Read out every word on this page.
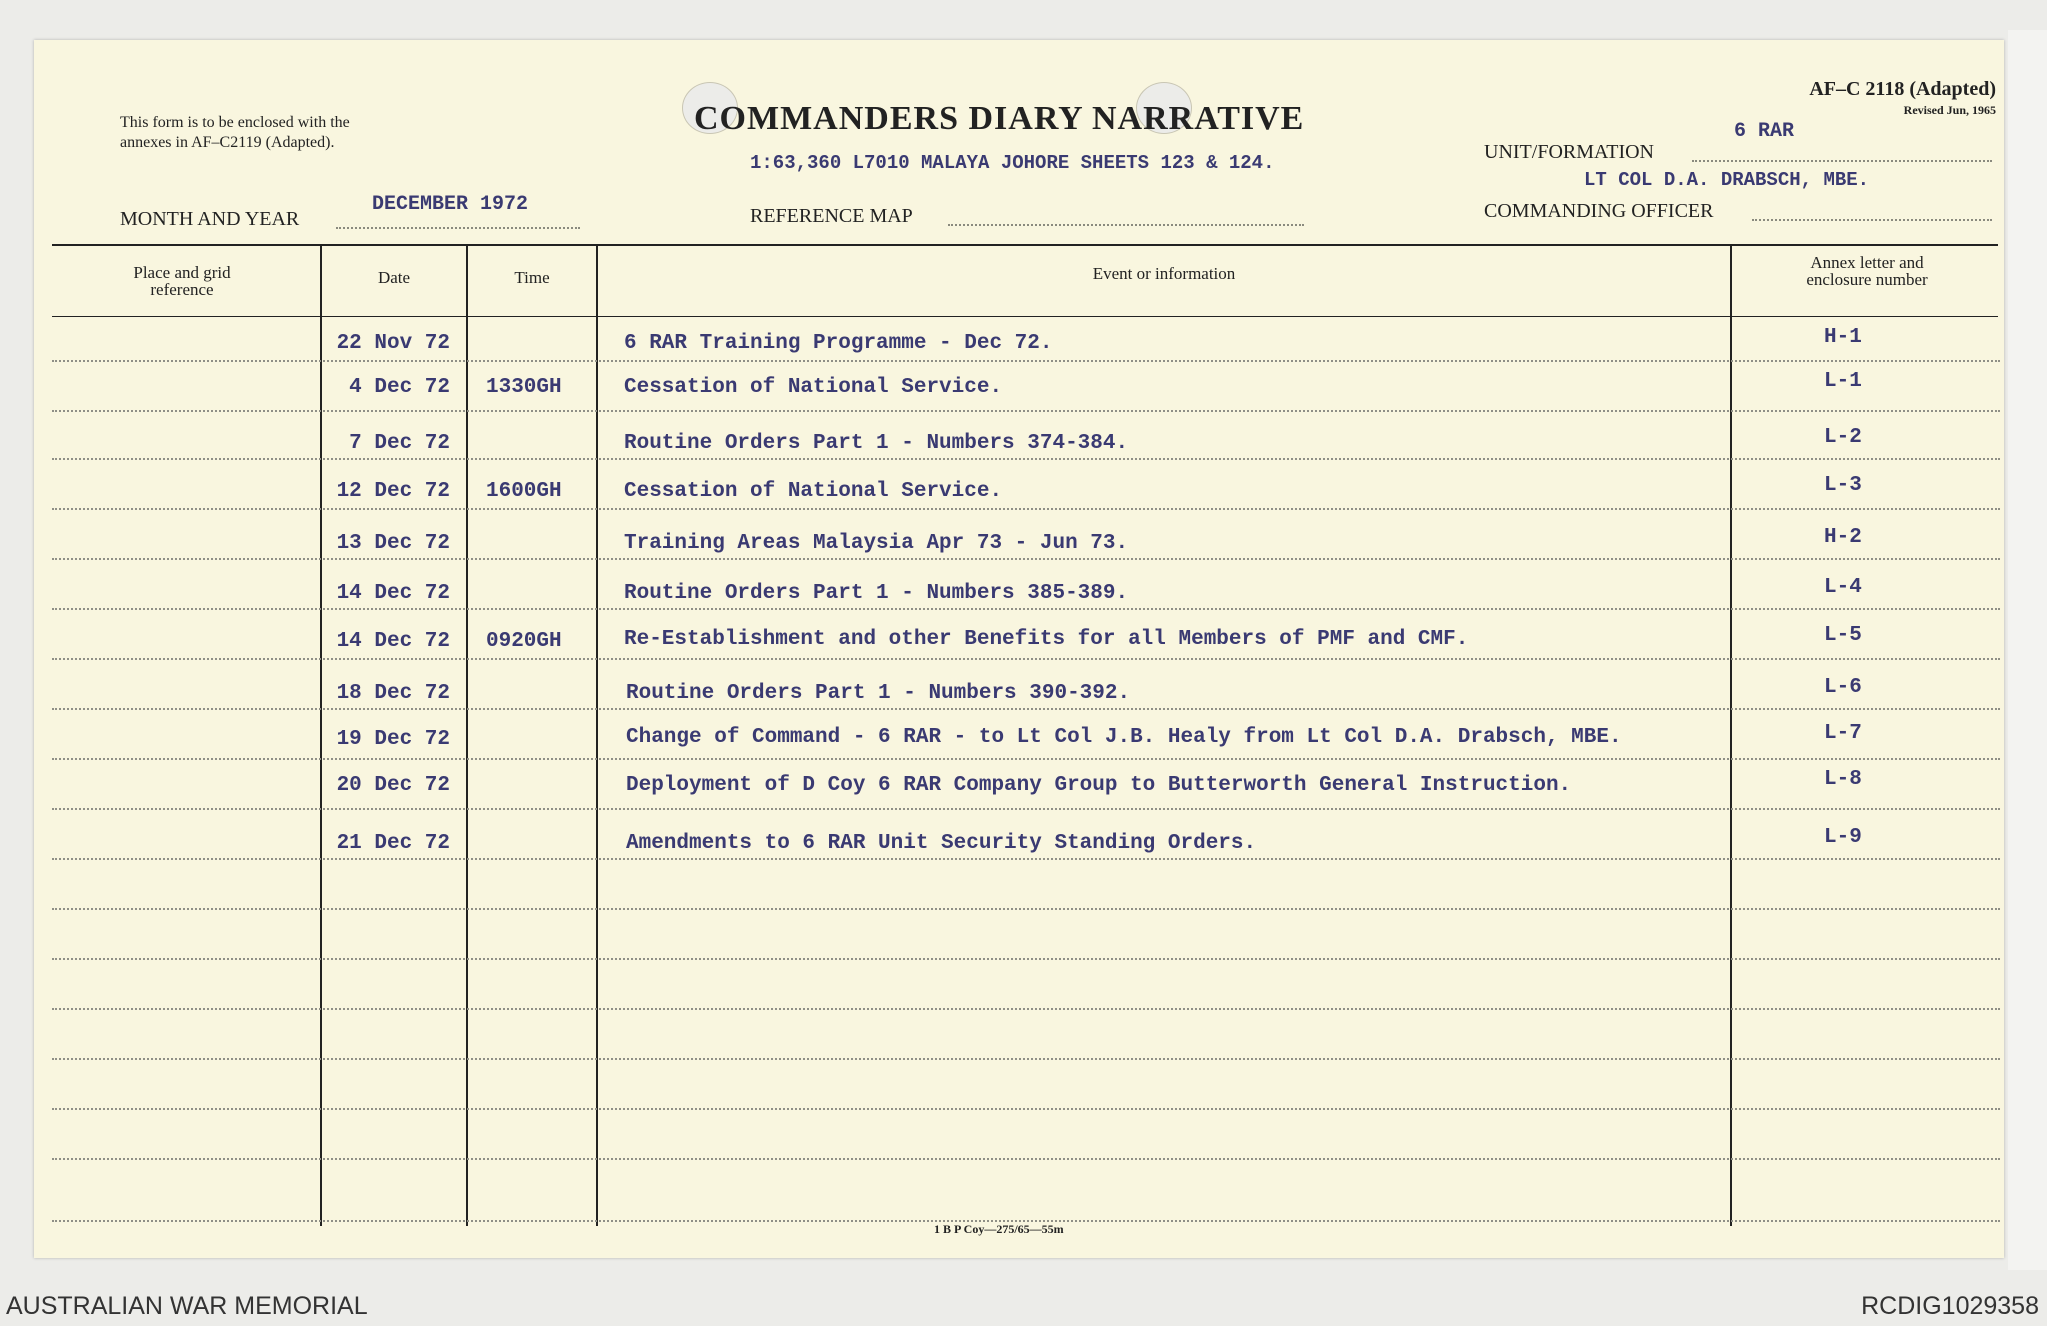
This form is to be enclosed with the
annexes in AF–C2119 (Adapted).
COMMANDERS DIARY NARRATIVE
AF–C 2118 (Adapted)
Revised Jun, 1965
1:63,360 L7010 MALAYA JOHORE SHEETS 123 & 124.
6 RAR
UNIT/FORMATION
LT COL D.A. DRABSCH, MBE.
COMMANDING OFFICER
DECEMBER 1972
MONTH AND YEAR	REFERENCE MAP
Place and grid
reference
Date	Time	Event or information
Annex letter and
enclosure number
22 Nov 72	6 RAR Training Programme - Dec 72.	H-1
4 Dec 72 1330GH	Cessation of National Service.	L-1
7 Dec 72	Routine Orders Part 1 - Numbers 374-384.	L-2
12 Dec 72 1600GH	Cessation of National Service.	L-3
13 Dec 72	Training Areas Malaysia Apr 73 - Jun 73.	H-2
14 Dec 72	Routine Orders Part 1 - Numbers 385-389.	L-4
14 Dec 72 0920GH	Re-Establishment and other Benefits for all Members of PMF and CMF.	L-5
18 Dec 72	Routine Orders Part 1 - Numbers 390-392.	L-6
19 Dec 72	Change of Command - 6 RAR - to Lt Col J.B. Healy from Lt Col D.A. Drabsch, MBE.	L-7
20 Dec 72	Deployment of D Coy 6 RAR Company Group to Butterworth General Instruction.	L-8
21 Dec 72	Amendments to 6 RAR Unit Security Standing Orders.	L-9
1 B P Coy—275/65—55m
AUSTRALIAN WAR MEMORIAL	RCDIG1029358
